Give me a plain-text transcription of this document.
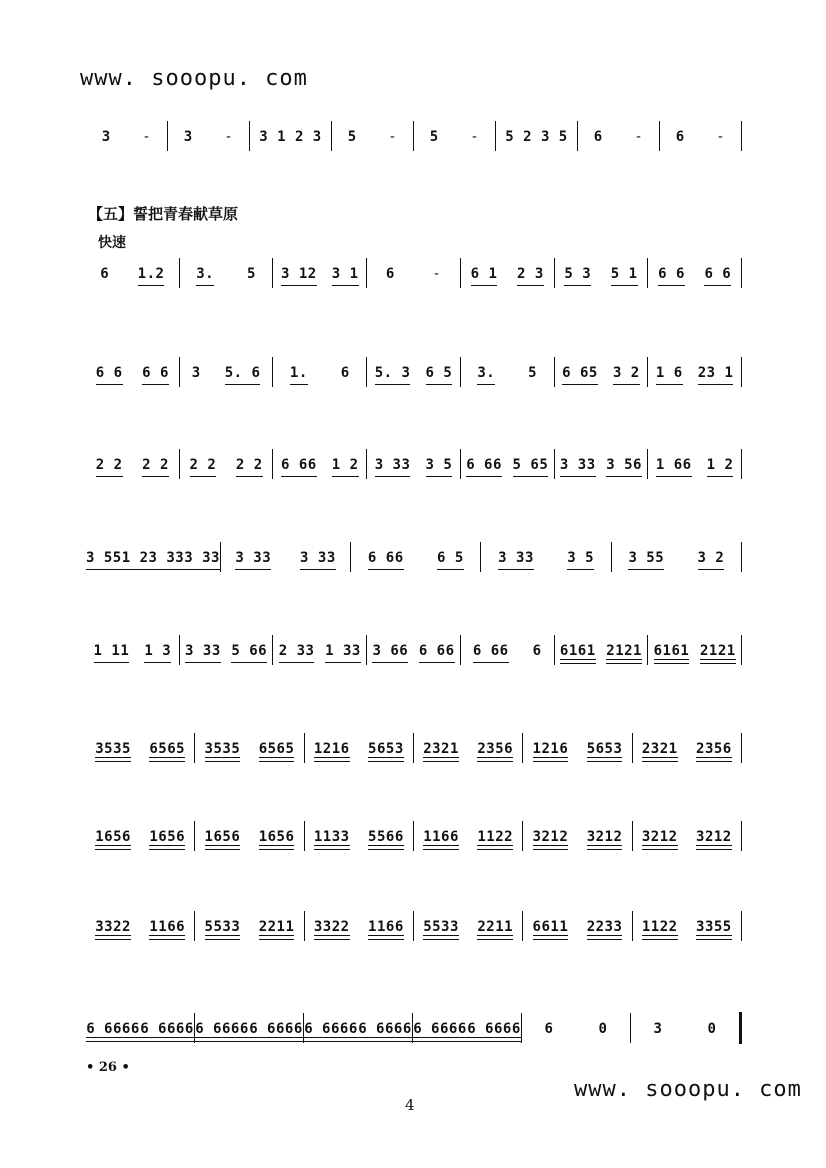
www. sooopu. com
3 - 3 - 3 1 2 3 5 - 5 - 5 2 3 5 6 - 6 -
【五】誓把青春献草原
快速
6 1.2 3. 5 3 12 3 1 6	- 6 1 2 3 5 3 5 1 6 6 6 6
6 6 6 6 3 5. 6 1. 6 5. 3 6 5 3. 5 6 65 3 2 1 6 23 1
2 2 2 2 2 2 2 2 6 66 1 2 3 33 3 5 6 66 5 65 3 33 3 56 1 66 1 2
3 55 1 2 3 33 3 33 3 33 3 33 6 66 6 5 3 33 3 5 3 55 3 2
1 11 1 3 3 33 5 66 2 33 1 33 3 66 6 66 6 66 6 6161 2121 6161 2121
3535 6565 3535 6565 1216 5653 2321 2356 1216 5653 2321 2356
1656 1656 1656 1656 1133 5566 1166 1122 3212 3212 3212 3212
3322 1166 5533 2211 3322 1166 5533 2211 6611 2233 1122 3355
6 6666 6 6666 6 6666 6 6666 6 6666 6 6666 6 6666 6 6666 6	0	3	0
• 26 •
4
www. sooopu. com
